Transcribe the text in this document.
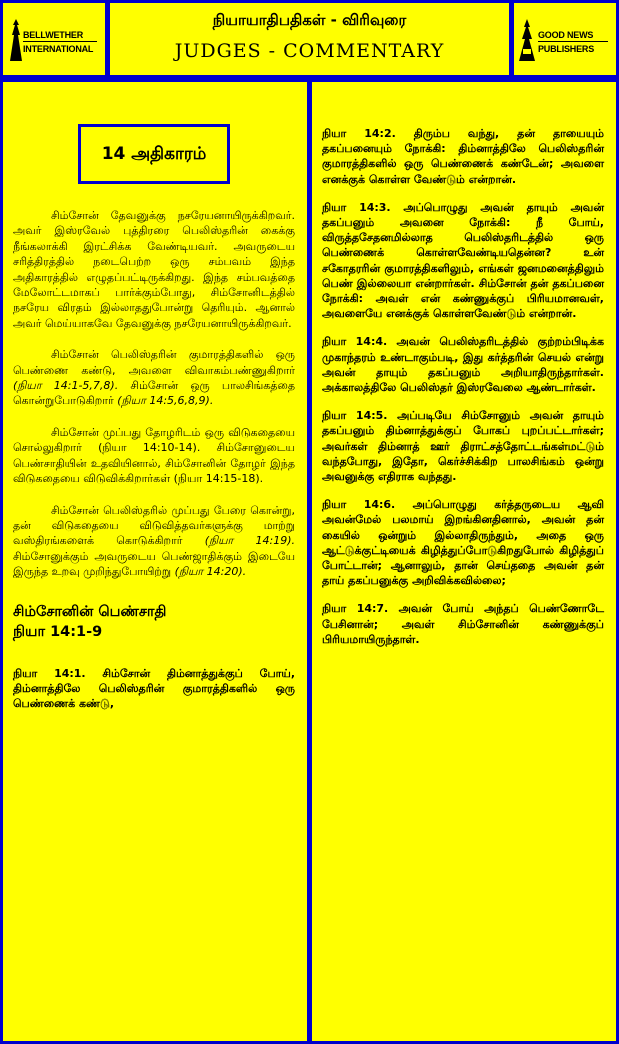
BELLWETHER
INTERNATIONAL
நியாயாதிபதிகள் - விரிவுரை
JUDGES - COMMENTARY
GOOD NEWS
PUBLISHERS
14 அதிகாரம்

சிம்சோன் தேவனுக்கு நசரேயனாயிருக்கிறவர். அவர் இஸ்ரவேல் புத்திரரை பெலிஸ்தரின் கைக்கு நீங்கலாக்கி இரட்சிக்க வேண்டியவர். அவருடைய சரித்திரத்தில் நடைபெற்ற ஒரு சம்பவம் இந்த அதிகாரத்தில் எழுதப்பட்டிருக்கிறது. இந்த சம்பவத்தை மேலோட்டமாகப் பார்க்கும்போது, சிம்சோனிடத்தில் நசரேய விரதம் இல்லாததுபோன்று தெரியும். ஆனால் அவர் மெய்யாகவே தேவனுக்கு நசரேயனாயிருக்கிறவர்.

சிம்சோன் பெலிஸ்தரின் குமாரத்திகளில் ஒரு பெண்ணை கண்டு, அவளை விவாகம்பண்ணுகிறார் (நியா 14:1-5,7,8). சிம்சோன் ஒரு பாலசிங்கத்தை கொன்றுபோடுகிறார் (நியா 14:5,6,8,9).

சிம்சோன் முப்பது தோழரிடம் ஒரு விடுகதையை சொல்லுகிறார் (நியா 14:10-14). சிம்சோனுடைய பெண்சாதியின் உதவியினால், சிம்சோனின் தோழர் இந்த விடுகதையை விடுவிக்கிறார்கள் (நியா 14:15-18).

சிம்சோன் பெலிஸ்தரில் முப்பது பேரை கொன்று, தன் விடுகதையை விடுவித்தவர்களுக்கு மாற்று வஸ்திரங்களைக் கொடுக்கிறார் (நியா 14:19). சிம்சோனுக்கும் அவருடைய பெண்ஜாதிக்கும் இடையே இருந்த உறவு முறிந்துபோயிற்று (நியா 14:20).

சிம்சோனின் பெண்சாதி

நியா 14:1-9

நியா 14:1. சிம்சோன் திம்னாத்துக்குப் போய், திம்னாத்திலே பெலிஸ்தரின் குமாரத்திகளில் ஒரு பெண்ணைக் கண்டு,

நியா 14:2. திரும்ப வந்து, தன் தாயையும் தகப்பனையும் நோக்கி: திம்னாத்திலே பெலிஸ்தரின் குமாரத்திகளில் ஒரு பெண்ணைக் கண்டேன்; அவளை எனக்குக் கொள்ள வேண்டும் என்றான்.

நியா 14:3. அப்பொழுது அவன் தாயும் அவன் தகப்பனும் அவனை நோக்கி: நீ போய், விருத்தசேதனமில்லாத பெலிஸ்தரிடத்தில் ஒரு பெண்ணைக் கொள்ளவேண்டியதென்ன? உன் சகோதரரின் குமாரத்திகளிலும், எங்கள் ஜனமனைத்திலும் பெண் இல்லையா என்றார்கள். சிம்சோன் தன் தகப்பனை நோக்கி: அவள் என் கண்ணுக்குப் பிரியமானவள், அவளையே எனக்குக் கொள்ளவேண்டும் என்றான்.

நியா 14:4. அவன் பெலிஸ்தரிடத்தில் குற்றம்பிடிக்க முகாந்தரம் உண்டாகும்படி, இது கர்த்தரின் செயல் என்று அவன் தாயும் தகப்பனும் அறியாதிருந்தார்கள். அக்காலத்திலே பெலிஸ்தர் இஸ்ரவேலை ஆண்டார்கள்.

நியா 14:5. அப்படியே சிம்சோனும் அவன் தாயும் தகப்பனும் திம்னாத்துக்குப் போகப் புறப்பட்டார்கள்; அவர்கள் திம்னாத் ஊர் திராட்சத்தோட்டங்கள்மட்டும் வந்தபோது, இதோ, கெர்ச்சிக்கிற பாலசிங்கம் ஒன்று அவனுக்கு எதிராக வந்தது.

நியா 14:6. அப்பொழுது கர்த்தருடைய ஆவி அவன்மேல் பலமாய் இறங்கினதினால், அவன் தன் கையில் ஒன்றும் இல்லாதிருந்தும், அதை ஒரு ஆட்டுக்குட்டியைக் கிழித்துப்போடுகிறதுபோல் கிழித்துப் போட்டான்; ஆனாலும், தான் செய்ததை அவன் தன் தாய் தகப்பனுக்கு அறிவிக்கவில்லை;

நியா 14:7. அவன் போய் அந்தப் பெண்ணோடே பேசினான்; அவள் சிம்சோனின் கண்ணுக்குப் பிரியமாயிருந்தாள்.
